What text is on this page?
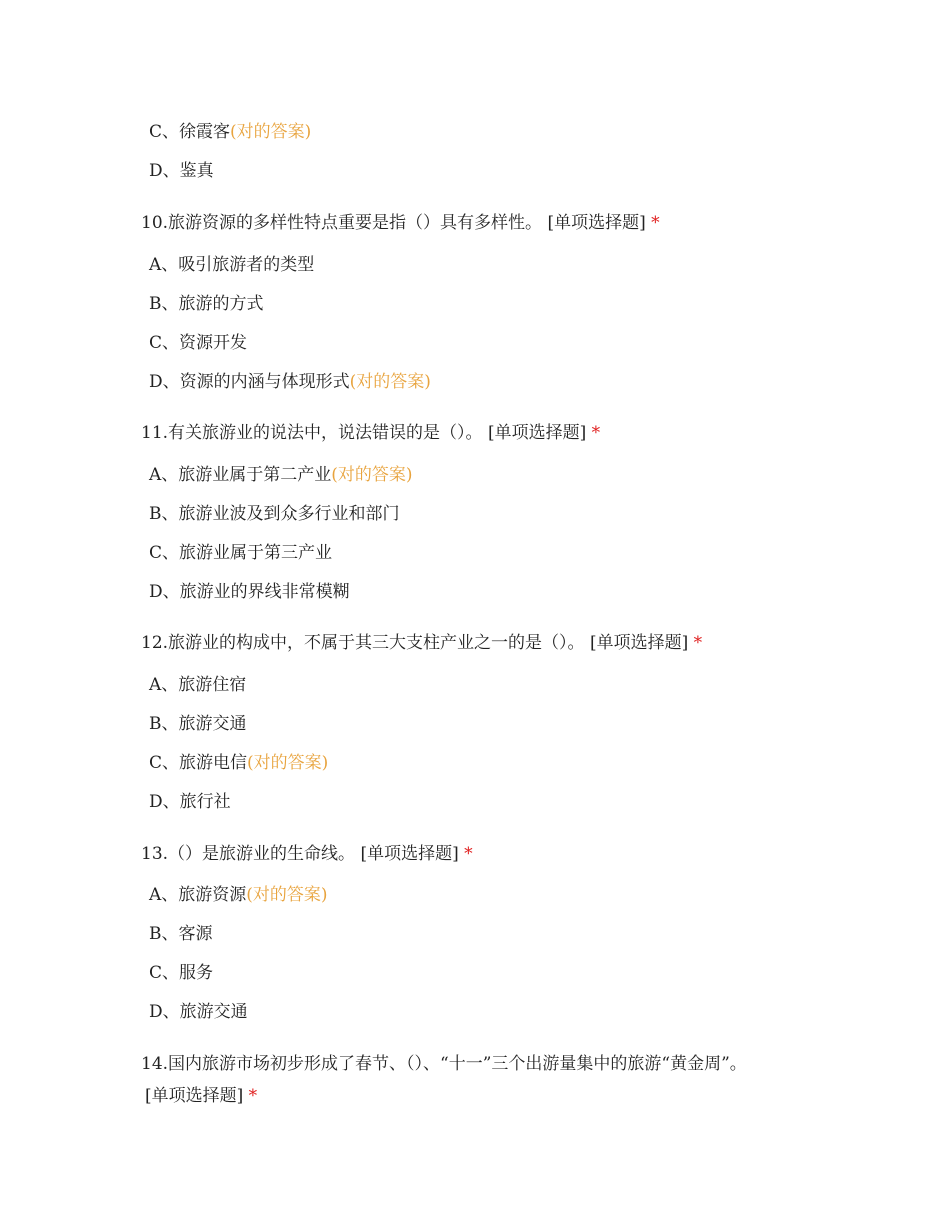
C、徐霞客(对的答案)
D、鉴真
10.旅游资源的多样性特点重要是指（）具有多样性。 [单项选择题] *
A、吸引旅游者的类型
B、旅游的方式
C、资源开发
D、资源的内涵与体现形式(对的答案)
11.有关旅游业的说法中，说法错误的是（）。 [单项选择题] *
A、旅游业属于第二产业(对的答案)
B、旅游业波及到众多行业和部门
C、旅游业属于第三产业
D、旅游业的界线非常模糊
12.旅游业的构成中，不属于其三大支柱产业之一的是（）。 [单项选择题] *
A、旅游住宿
B、旅游交通
C、旅游电信(对的答案)
D、旅行社
13.（）是旅游业的生命线。 [单项选择题] *
A、旅游资源(对的答案)
B、客源
C、服务
D、旅游交通
14.国内旅游市场初步形成了春节、（）、“十一”三个出游量集中的旅游“黄金周”。
[单项选择题] *
